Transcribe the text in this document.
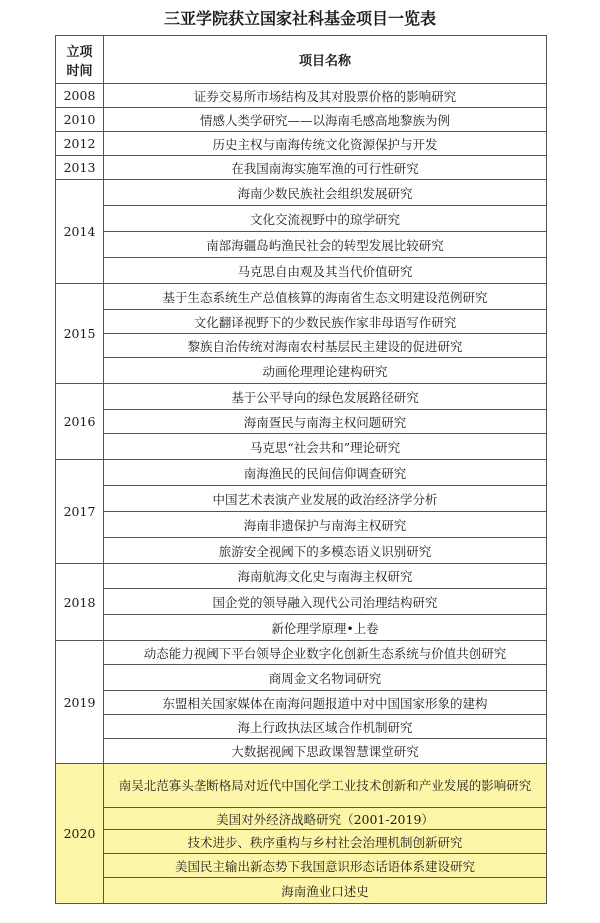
三亚学院获立国家社科基金项目一览表
立项
时间	项目名称
2008	证券交易所市场结构及其对股票价格的影响研究
2010	情感人类学研究——以海南毛感高地黎族为例
2012	历史主权与南海传统文化资源保护与开发
2013	在我国南海实施军渔的可行性研究
2014	海南少数民族社会组织发展研究
	文化交流视野中的琼学研究
	南部海疆岛屿渔民社会的转型发展比较研究
	马克思自由观及其当代价值研究
2015	基于生态系统生产总值核算的海南省生态文明建设范例研究
	文化翻译视野下的少数民族作家非母语写作研究
	黎族自治传统对海南农村基层民主建设的促进研究
	动画伦理理论建构研究
2016	基于公平导向的绿色发展路径研究
	海南疍民与南海主权问题研究
	马克思“社会共和”理论研究
2017	南海渔民的民间信仰调查研究
	中国艺术表演产业发展的政治经济学分析
	海南非遗保护与南海主权研究
	旅游安全视阈下的多模态语义识别研究
2018	海南航海文化史与南海主权研究
	国企党的领导融入现代公司治理结构研究
	新伦理学原理•上卷
2019	动态能力视阈下平台领导企业数字化创新生态系统与价值共创研究
	商周金文名物词研究
	东盟相关国家媒体在南海问题报道中对中国国家形象的建构
	海上行政执法区域合作机制研究
	大数据视阈下思政课智慧课堂研究
2020	南吴北范寡头垄断格局对近代中国化学工业技术创新和产业发展的影响研究
	美国对外经济战略研究（2001-2019）
	技术进步、秩序重构与乡村社会治理机制创新研究
	美国民主输出新态势下我国意识形态话语体系建设研究
	海南渔业口述史
